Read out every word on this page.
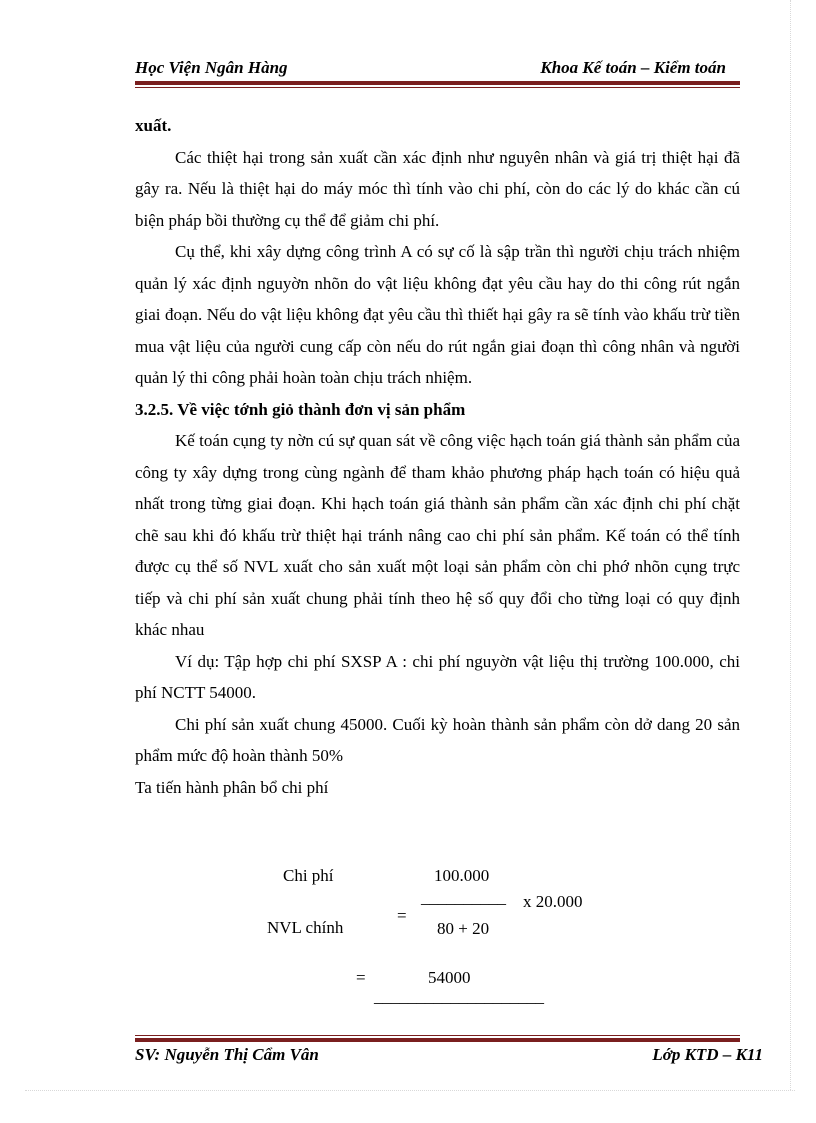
Học Viện Ngân Hàng	Khoa Kế toán – Kiểm toán

xuất.

Các thiệt hại trong sản xuất cần xác định như nguyên nhân và giá trị thiệt hại đã gây ra. Nếu là thiệt hại do máy móc thì tính vào chi phí, còn do các lý do khác cần cú biện pháp bồi thường cụ thể để giảm chi phí.

Cụ thể, khi xây dựng công trình A có sự cố là sập trần thì người chịu trách nhiệm quản lý xác định nguyờn nhõn do vật liệu không đạt yêu cầu hay do thi công rút ngắn giai đoạn. Nếu do vật liệu không đạt yêu cầu thì thiết hại gây ra sẽ tính vào khấu trừ tiền mua vật liệu của người cung cấp còn nếu do rút ngắn giai đoạn thì công nhân và người quản lý thi công phải hoàn toàn chịu trách nhiệm.

3.2.5. Về việc tớnh giỏ thành đơn vị sản phẩm

Kế toán cụng ty nờn cú sự quan sát về công việc hạch toán giá thành sản phẩm của công ty xây dựng trong cùng ngành để tham khảo phương pháp hạch toán có hiệu quả nhất trong từng giai đoạn. Khi hạch toán giá thành sản phẩm cần xác định chi phí chặt chẽ sau khi đó khấu trừ thiệt hại tránh nâng cao chi phí sản phẩm. Kế toán có thể tính được cụ thể số NVL xuất cho sản xuất một loại sản phẩm còn chi phớ nhõn cụng trực tiếp và chi phí sản xuất chung phải tính theo hệ số quy đổi cho từng loại có quy định khác nhau

Ví dụ: Tập hợp chi phí SXSP A : chi phí nguyờn vật liệu thị trường 100.000, chi phí NCTT 54000.

Chi phí sản xuất chung 45000. Cuối kỳ hoàn thành sản phẩm còn dở dang 20 sản phẩm mức độ hoàn thành 50%

Ta tiến hành phân bổ chi phí

Chi phí
NVL chính
=
100.000
__________ x 20.000
80 + 20
=	54000
____________________
SV: Nguyễn Thị Cẩm Vân	Lớp KTD – K11
